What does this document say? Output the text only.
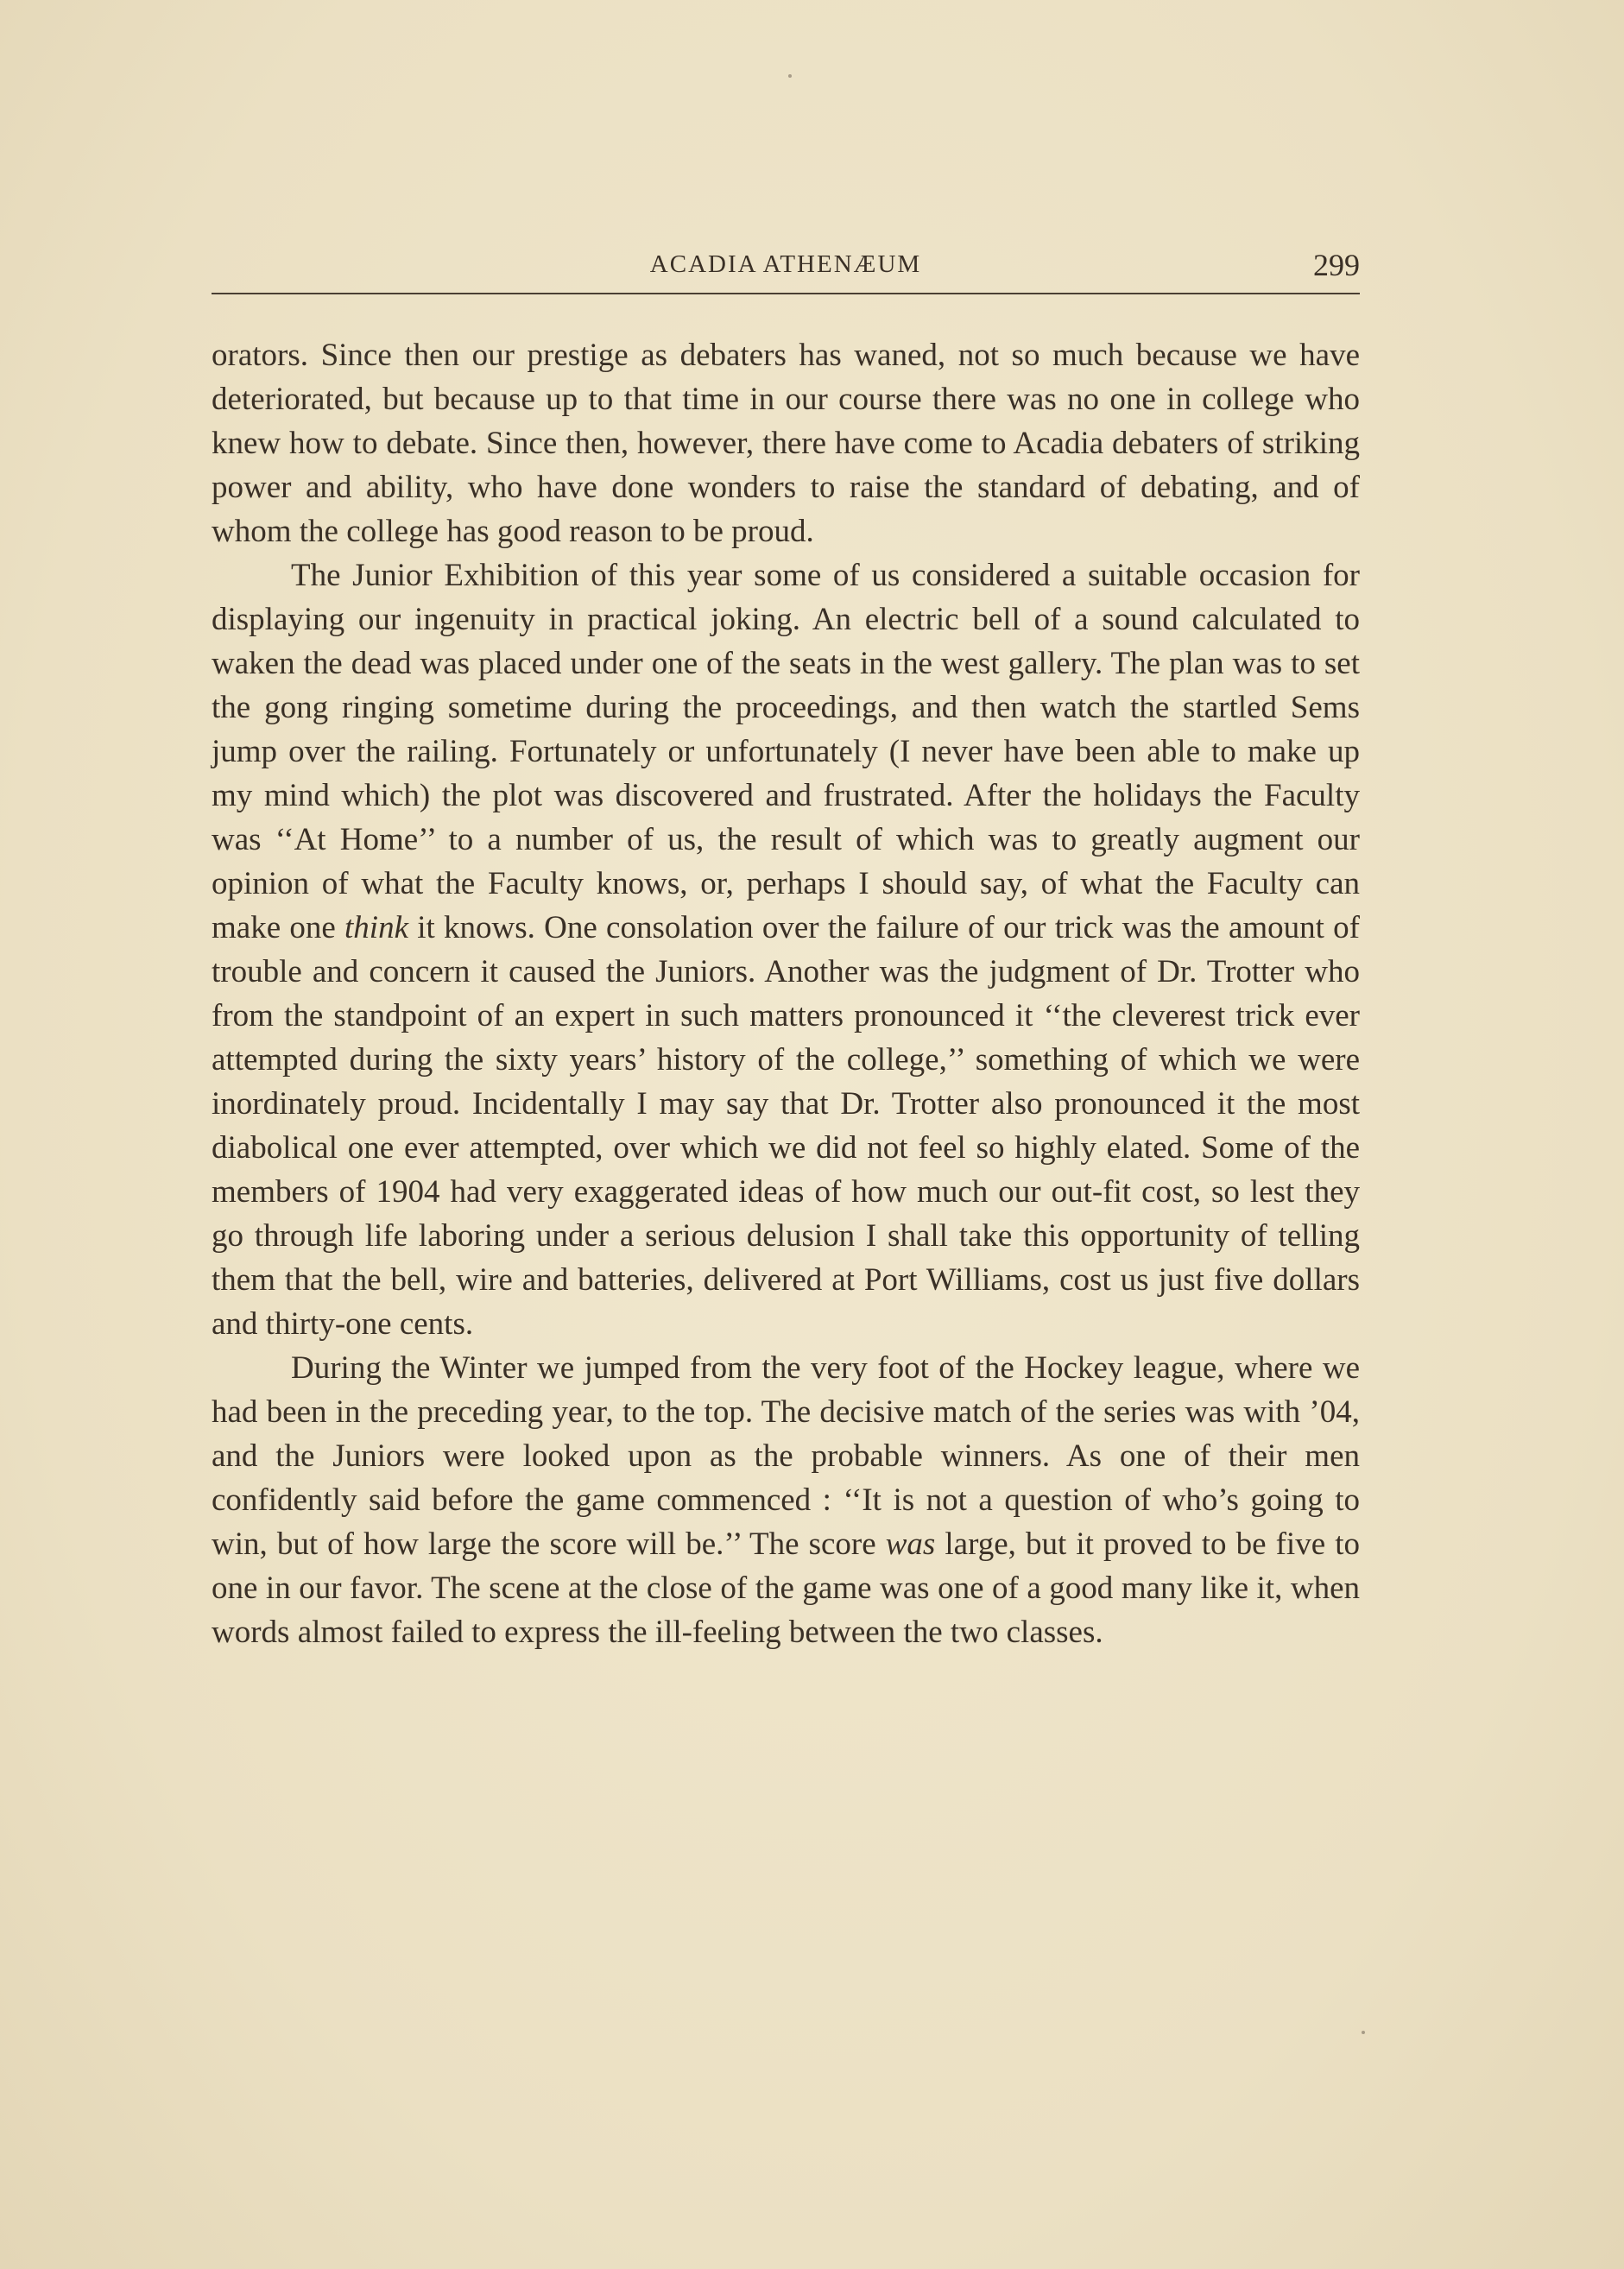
ACADIA ATHENÆUM	299

orators. Since then our prestige as debaters has waned, not so much because we have deteriorated, but because up to that time in our course there was no one in college who knew how to debate. Since then, however, there have come to Acadia debaters of striking power and ability, who have done wonders to raise the standard of debating, and of whom the college has good reason to be proud.

The Junior Exhibition of this year some of us considered a suitable occasion for displaying our ingenuity in practical joking. An electric bell of a sound calculated to waken the dead was placed under one of the seats in the west gallery. The plan was to set the gong ringing sometime during the proceedings, and then watch the startled Sems jump over the railing. Fortunately or unfortunately (I never have been able to make up my mind which) the plot was discovered and frustrated. After the holidays the Faculty was ‘‘At Home’’ to a number of us, the result of which was to greatly augment our opinion of what the Faculty knows, or, perhaps I should say, of what the Faculty can make one think it knows. One consolation over the failure of our trick was the amount of trouble and concern it caused the Juniors. Another was the judgment of Dr. Trotter who from the standpoint of an expert in such matters pronounced it ‘‘the cleverest trick ever attempted during the sixty years’ history of the college,’’ something of which we were inordinately proud. Incidentally I may say that Dr. Trotter also pronounced it the most diabolical one ever attempted, over which we did not feel so highly elated. Some of the members of 1904 had very exaggerated ideas of how much our out-fit cost, so lest they go through life laboring under a serious delusion I shall take this opportunity of telling them that the bell, wire and batteries, delivered at Port Williams, cost us just five dollars and thirty-one cents.

During the Winter we jumped from the very foot of the Hockey league, where we had been in the preceding year, to the top. The decisive match of the series was with ’04, and the Juniors were looked upon as the probable winners. As one of their men confidently said before the game commenced : ‘‘It is not a question of who’s going to win, but of how large the score will be.’’ The score was large, but it proved to be five to one in our favor. The scene at the close of the game was one of a good many like it, when words almost failed to express the ill-feeling between the two classes.
